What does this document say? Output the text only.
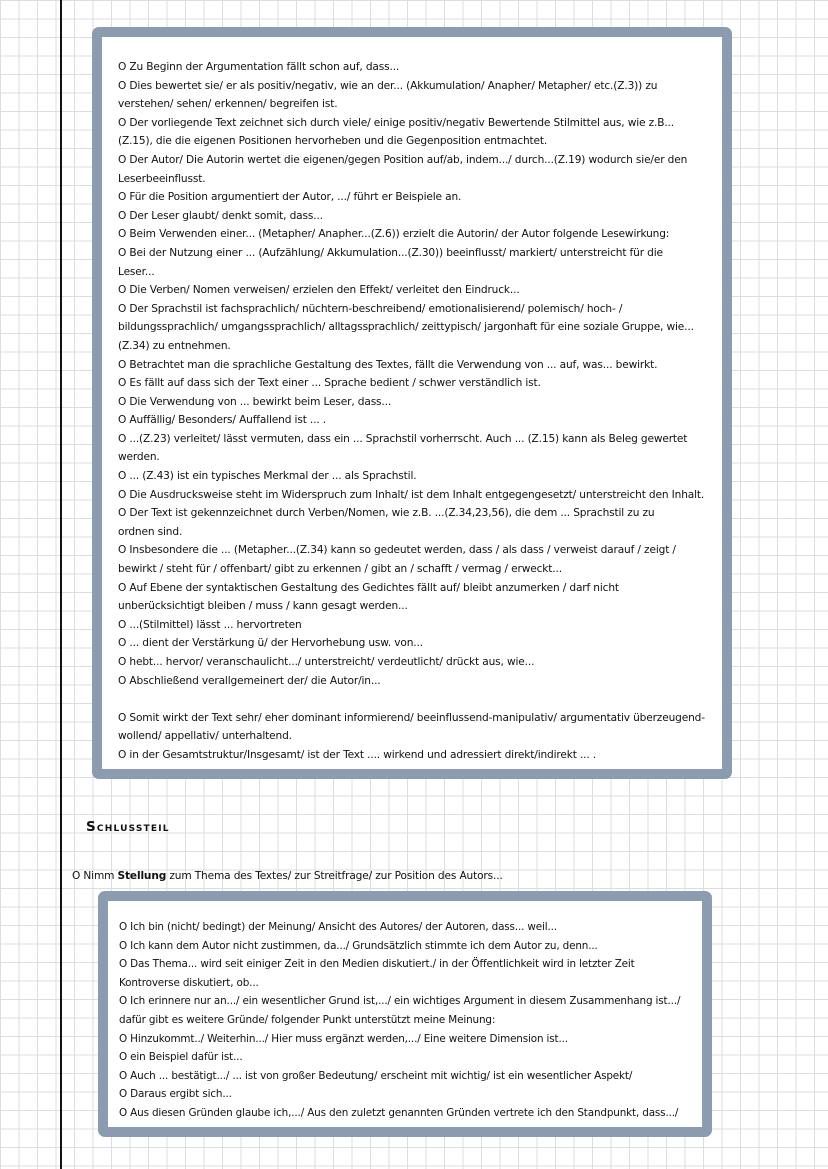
O Zu Beginn der Argumentation fällt schon auf, dass...
O Dies bewertet sie/ er als positiv/negativ, wie an der... (Akkumulation/ Anapher/ Metapher/ etc.(Z.3)) zu
verstehen/ sehen/ erkennen/ begreifen ist.
O Der vorliegende Text zeichnet sich durch viele/ einige positiv/negativ Bewertende Stilmittel aus, wie z.B...
(Z.15), die die eigenen Positionen hervorheben und die Gegenposition entmachtet.
O Der Autor/ Die Autorin wertet die eigenen/gegen Position auf/ab, indem.../ durch...(Z.19) wodurch sie/er den
Leserbeeinflusst.
O Für die Position argumentiert der Autor, .../ führt er Beispiele an.
O Der Leser glaubt/ denkt somit, dass...
O Beim Verwenden einer... (Metapher/ Anapher...(Z.6)) erzielt die Autorin/ der Autor folgende Lesewirkung:
O Bei der Nutzung einer ... (Aufzählung/ Akkumulation...(Z.30)) beeinflusst/ markiert/ unterstreicht für die
Leser...
O Die Verben/ Nomen verweisen/ erzielen den Effekt/ verleitet den Eindruck...
O Der Sprachstil ist fachsprachlich/ nüchtern-beschreibend/ emotionalisierend/ polemisch/ hoch- /
bildungssprachlich/ umgangssprachlich/ alltagssprachlich/ zeittypisch/ jargonhaft für eine soziale Gruppe, wie...
(Z.34) zu entnehmen.
O Betrachtet man die sprachliche Gestaltung des Textes, fällt die Verwendung von ... auf, was... bewirkt.
O Es fällt auf dass sich der Text einer ... Sprache bedient / schwer verständlich ist.
O Die Verwendung von ... bewirkt beim Leser, dass...
O Auffällig/ Besonders/ Auffallend ist ... .
O ...(Z.23) verleitet/ lässt vermuten, dass ein ... Sprachstil vorherrscht. Auch ... (Z.15) kann als Beleg gewertet
werden.
O ... (Z.43) ist ein typisches Merkmal der ... als Sprachstil.
O Die Ausdrucksweise steht im Widerspruch zum Inhalt/ ist dem Inhalt entgegengesetzt/ unterstreicht den Inhalt.
O Der Text ist gekennzeichnet durch Verben/Nomen, wie z.B. ...(Z.34,23,56), die dem ... Sprachstil zu zu
ordnen sind.
O Insbesondere die ... (Metapher...(Z.34) kann so gedeutet werden, dass / als dass / verweist darauf / zeigt /
bewirkt / steht für / offenbart/ gibt zu erkennen / gibt an / schafft / vermag / erweckt...
O Auf Ebene der syntaktischen Gestaltung des Gedichtes fällt auf/ bleibt anzumerken / darf nicht
unberücksichtigt bleiben / muss / kann gesagt werden...
O ...(Stilmittel) lässt ... hervortreten
O ... dient der Verstärkung ü/ der Hervorhebung usw. von...
O hebt... hervor/ veranschaulicht.../ unterstreicht/ verdeutlicht/ drückt aus, wie...
O Abschließend verallgemeinert der/ die Autor/in...
O Somit wirkt der Text sehr/ eher dominant informierend/ beeinflussend-manipulativ/ argumentativ überzeugend-
wollend/ appellativ/ unterhaltend.
O in der Gesamtstruktur/Insgesamt/ ist der Text .... wirkend und adressiert direkt/indirekt ... .
Schlussteil
O Nimm Stellung zum Thema des Textes/ zur Streitfrage/ zur Position des Autors...
O Ich bin (nicht/ bedingt) der Meinung/ Ansicht des Autores/ der Autoren, dass... weil...
O Ich kann dem Autor nicht zustimmen, da.../ Grundsätzlich stimmte ich dem Autor zu, denn...
O Das Thema... wird seit einiger Zeit in den Medien diskutiert./ in der Öffentlichkeit wird in letzter Zeit
Kontroverse diskutiert, ob...
O Ich erinnere nur an.../ ein wesentlicher Grund ist,.../ ein wichtiges Argument in diesem Zusammenhang ist.../
dafür gibt es weitere Gründe/ folgender Punkt unterstützt meine Meinung:
O Hinzukommt../ Weiterhin.../ Hier muss ergänzt werden,.../ Eine weitere Dimension ist...
O ein Beispiel dafür ist...
O Auch ... bestätigt.../ ... ist von großer Bedeutung/ erscheint mit wichtig/ ist ein wesentlicher Aspekt/
O Daraus ergibt sich...
O Aus diesen Gründen glaube ich,.../ Aus den zuletzt genannten Gründen vertrete ich den Standpunkt, dass.../
